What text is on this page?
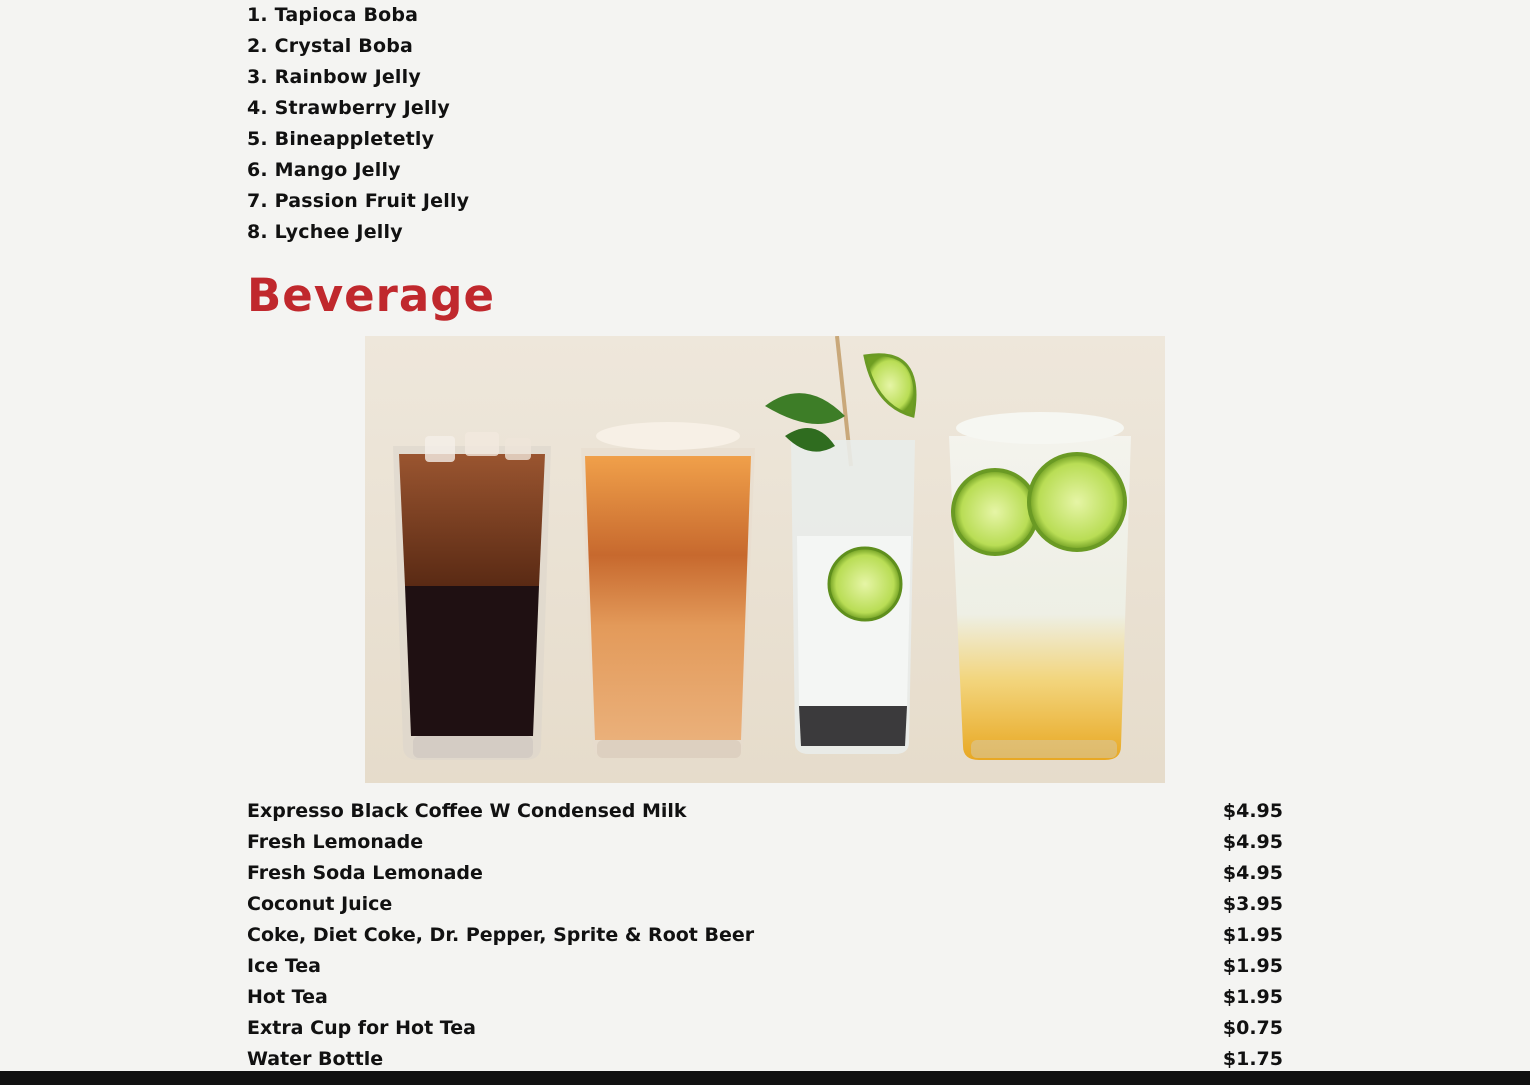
1. Tapioca Boba
2. Crystal Boba
3. Rainbow Jelly
4. Strawberry Jelly
5. Bineappletetly
6. Mango Jelly
7. Passion Fruit Jelly
8. Lychee Jelly
Beverage
Expresso Black Coffee W Condensed Milk	$4.95
Fresh Lemonade	$4.95
Fresh Soda Lemonade	$4.95
Coconut Juice	$3.95
Coke, Diet Coke, Dr. Pepper, Sprite & Root Beer	$1.95
Ice Tea	$1.95
Hot Tea	$1.95
Extra Cup for Hot Tea	$0.75
Water Bottle	$1.75
